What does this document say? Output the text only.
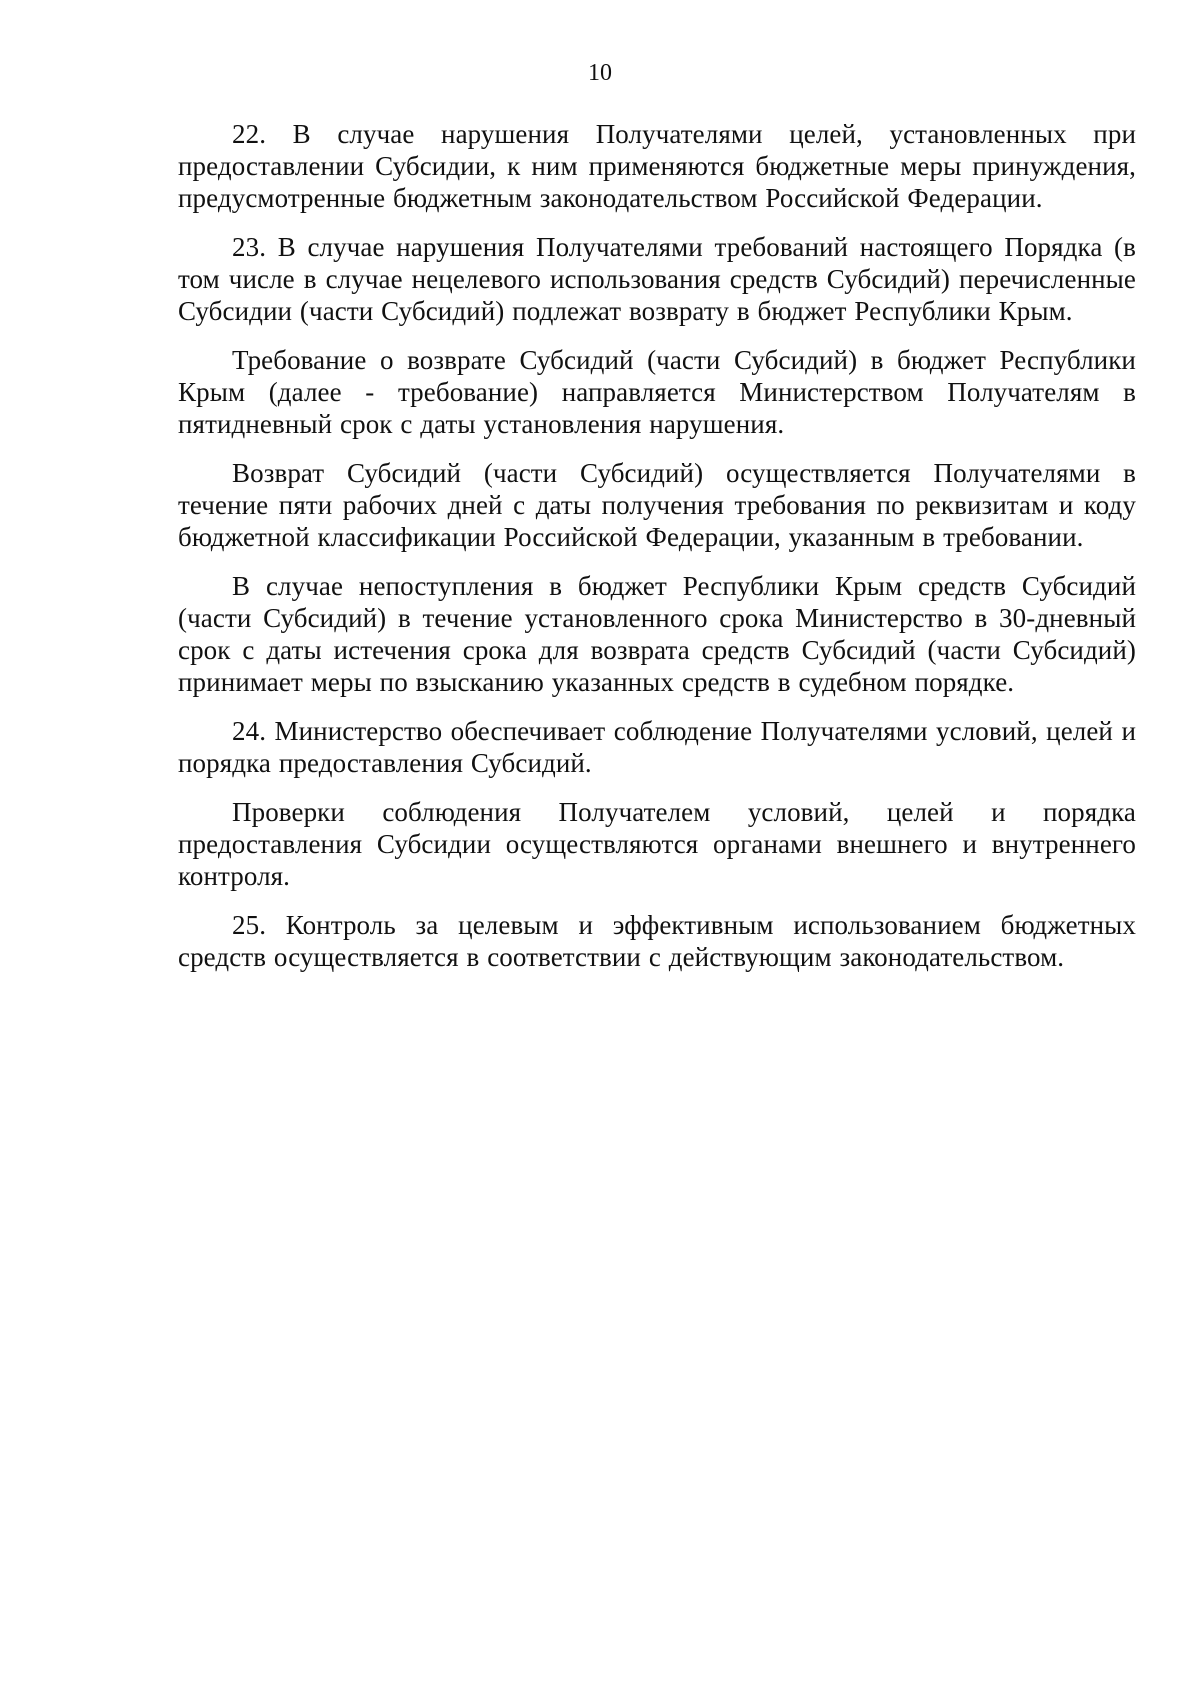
10

22. В случае нарушения Получателями целей, установленных при предоставлении Субсидии, к ним применяются бюджетные меры принуждения, предусмотренные бюджетным законодательством Российской Федерации.

23. В случае нарушения Получателями требований настоящего Порядка (в том числе в случае нецелевого использования средств Субсидий) перечисленные Субсидии (части Субсидий) подлежат возврату в бюджет Республики Крым.

Требование о возврате Субсидий (части Субсидий) в бюджет Республики Крым (далее - требование) направляется Министерством Получателям в пятидневный срок с даты установления нарушения.

Возврат Субсидий (части Субсидий) осуществляется Получателями в течение пяти рабочих дней с даты получения требования по реквизитам и коду бюджетной классификации Российской Федерации, указанным в требовании.

В случае непоступления в бюджет Республики Крым средств Субсидий (части Субсидий) в течение установленного срока Министерство в 30-дневный срок с даты истечения срока для возврата средств Субсидий (части Субсидий) принимает меры по взысканию указанных средств в судебном порядке.

24. Министерство обеспечивает соблюдение Получателями условий, целей и порядка предоставления Субсидий.

Проверки соблюдения Получателем условий, целей и порядка предоставления Субсидии осуществляются органами внешнего и внутреннего контроля.

25. Контроль за целевым и эффективным использованием бюджетных средств осуществляется в соответствии с действующим законодательством.
